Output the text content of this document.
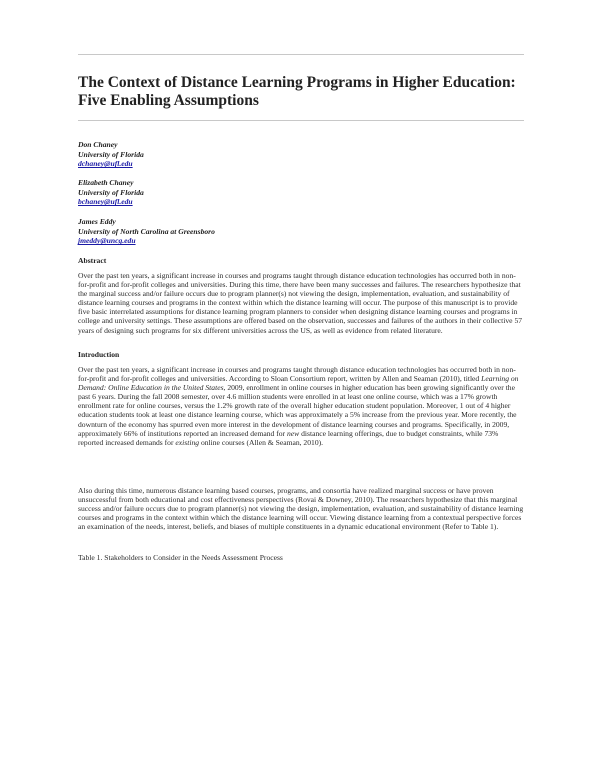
The Context of Distance Learning Programs in Higher Education: Five Enabling Assumptions
Don Chaney
University of Florida
dchaney@ufl.edu
Elizabeth Chaney
University of Florida
bchaney@ufl.edu
James Eddy
University of North Carolina at Greensboro
jmeddy@uncg.edu
Abstract

Over the past ten years, a significant increase in courses and programs taught through distance education technologies has occurred both in non-for-profit and for-profit colleges and universities. During this time, there have been many successes and failures. The researchers hypothesize that the marginal success and/or failure occurs due to program planner(s) not viewing the design, implementation, evaluation, and sustainability of distance learning courses and programs in the context within which the distance learning will occur. The purpose of this manuscript is to provide five basic interrelated assumptions for distance learning program planners to consider when designing distance learning courses and programs in college and university settings. These assumptions are offered based on the observation, successes and failures of the authors in their collective 57 years of designing such programs for six different universities across the US, as well as evidence from related literature.

Introduction

Over the past ten years, a significant increase in courses and programs taught through distance education technologies has occurred both in non-for-profit and for-profit colleges and universities. According to Sloan Consortium report, written by Allen and Seaman (2010), titled Learning on Demand: Online Education in the United States, 2009, enrollment in online courses in higher education has been growing significantly over the past 6 years. During the fall 2008 semester, over 4.6 million students were enrolled in at least one online course, which was a 17% growth enrollment rate for online courses, versus the 1.2% growth rate of the overall higher education student population. Moreover, 1 out of 4 higher education students took at least one distance learning course, which was approximately a 5% increase from the previous year. More recently, the downturn of the economy has spurred even more interest in the development of distance learning courses and programs. Specifically, in 2009, approximately 66% of institutions reported an increased demand for new distance learning offerings, due to budget constraints, while 73% reported increased demands for existing online courses (Allen & Seaman, 2010).

Also during this time, numerous distance learning based courses, programs, and consortia have realized marginal success or have proven unsuccessful from both educational and cost effectiveness perspectives (Rovai & Downey, 2010). The researchers hypothesize that this marginal success and/or failure occurs due to program planner(s) not viewing the design, implementation, evaluation, and sustainability of distance learning courses and programs in the context within which the distance learning will occur. Viewing distance learning from a contextual perspective forces an examination of the needs, interest, beliefs, and biases of multiple constituents in a dynamic educational environment (Refer to Table 1).

Table 1. Stakeholders to Consider in the Needs Assessment Process
